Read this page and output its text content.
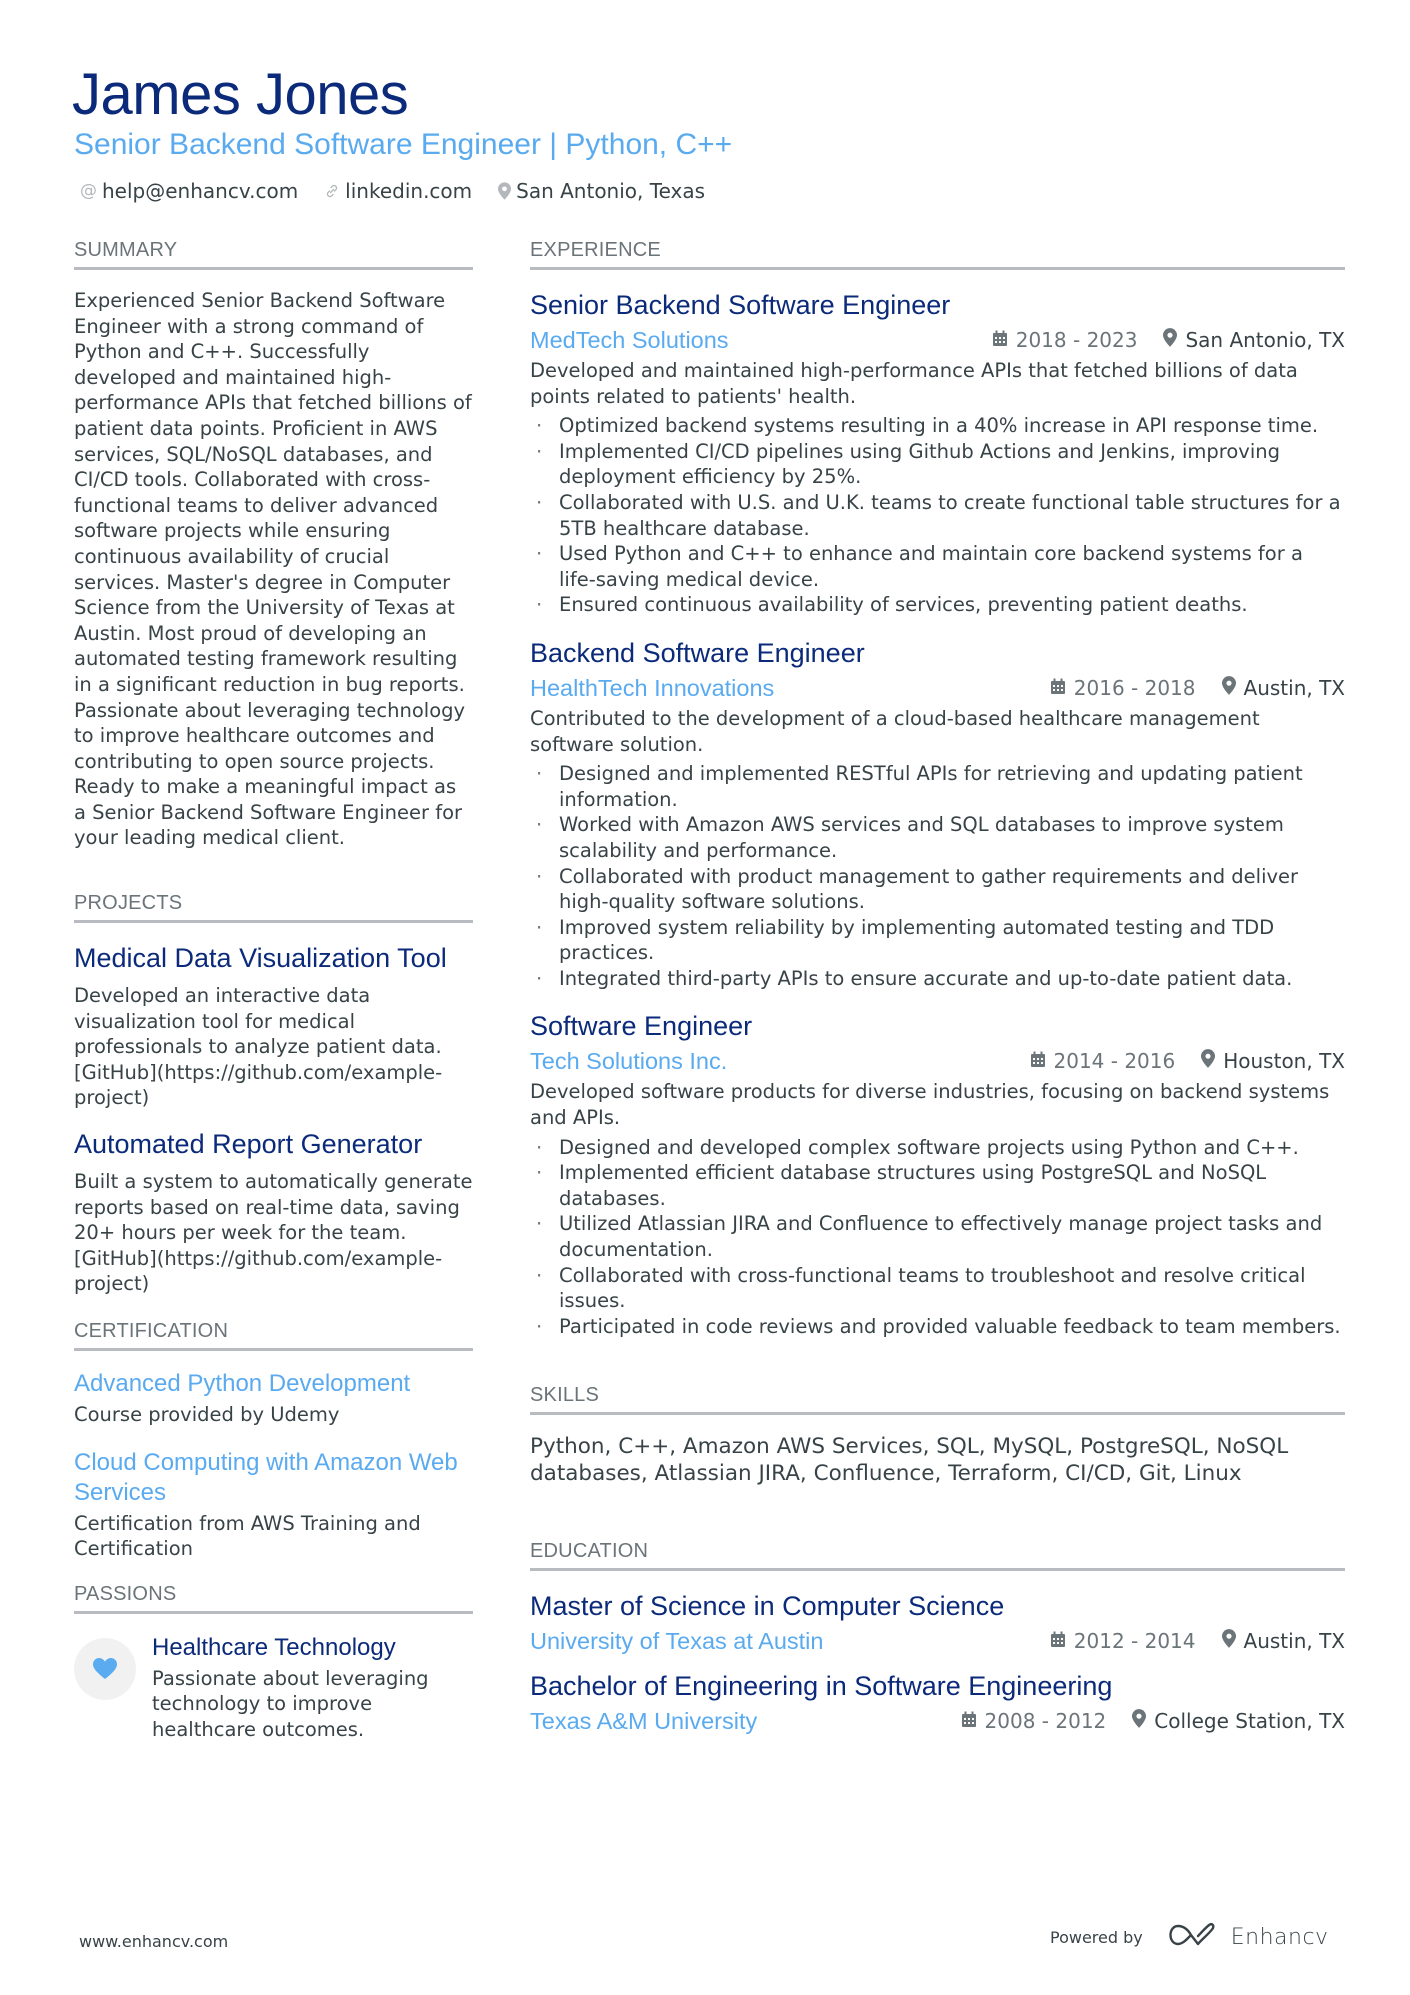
James Jones
Senior Backend Software Engineer | Python, C++
@ help@enhancv.com linkedin.com San Antonio, Texas
SUMMARY
Experienced Senior Backend Software Engineer with a strong command of Python and C++. Successfully developed and maintained high-performance APIs that fetched billions of patient data points. Proficient in AWS services, SQL/NoSQL databases, and CI/CD tools. Collaborated with cross-functional teams to deliver advanced software projects while ensuring continuous availability of crucial services. Master's degree in Computer Science from the University of Texas at Austin. Most proud of developing an automated testing framework resulting in a significant reduction in bug reports. Passionate about leveraging technology to improve healthcare outcomes and contributing to open source projects. Ready to make a meaningful impact as a Senior Backend Software Engineer for your leading medical client.
PROJECTS
Medical Data Visualization Tool
Developed an interactive data visualization tool for medical professionals to analyze patient data. [GitHub](https://github.com/example-project)
Automated Report Generator
Built a system to automatically generate reports based on real-time data, saving 20+ hours per week for the team. [GitHub](https://github.com/example-project)
CERTIFICATION
Advanced Python Development
Course provided by Udemy
Cloud Computing with Amazon Web Services
Certification from AWS Training and Certification
PASSIONS
Healthcare Technology
Passionate about leveraging technology to improve healthcare outcomes.
EXPERIENCE
Senior Backend Software Engineer
MedTech Solutions	2018 - 2023 San Antonio, TX
Developed and maintained high-performance APIs that fetched billions of data points related to patients' health.
· Optimized backend systems resulting in a 40% increase in API response time.
· Implemented CI/CD pipelines using Github Actions and Jenkins, improving deployment efficiency by 25%.
· Collaborated with U.S. and U.K. teams to create functional table structures for a 5TB healthcare database.
· Used Python and C++ to enhance and maintain core backend systems for a life-saving medical device.
· Ensured continuous availability of services, preventing patient deaths.
Backend Software Engineer
HealthTech Innovations	2016 - 2018 Austin, TX
Contributed to the development of a cloud-based healthcare management software solution.
· Designed and implemented RESTful APIs for retrieving and updating patient information.
· Worked with Amazon AWS services and SQL databases to improve system scalability and performance.
· Collaborated with product management to gather requirements and deliver high-quality software solutions.
· Improved system reliability by implementing automated testing and TDD practices.
· Integrated third-party APIs to ensure accurate and up-to-date patient data.
Software Engineer
Tech Solutions Inc.	2014 - 2016 Houston, TX
Developed software products for diverse industries, focusing on backend systems and APIs.
· Designed and developed complex software projects using Python and C++.
· Implemented efficient database structures using PostgreSQL and NoSQL databases.
· Utilized Atlassian JIRA and Confluence to effectively manage project tasks and documentation.
· Collaborated with cross-functional teams to troubleshoot and resolve critical issues.
· Participated in code reviews and provided valuable feedback to team members.
SKILLS
Python, C++, Amazon AWS Services, SQL, MySQL, PostgreSQL, NoSQL databases, Atlassian JIRA, Confluence, Terraform, CI/CD, Git, Linux
EDUCATION
Master of Science in Computer Science
University of Texas at Austin	2012 - 2014 Austin, TX
Bachelor of Engineering in Software Engineering
Texas A&M University	2008 - 2012 College Station, TX
www.enhancv.com	Powered by	Enhancv
